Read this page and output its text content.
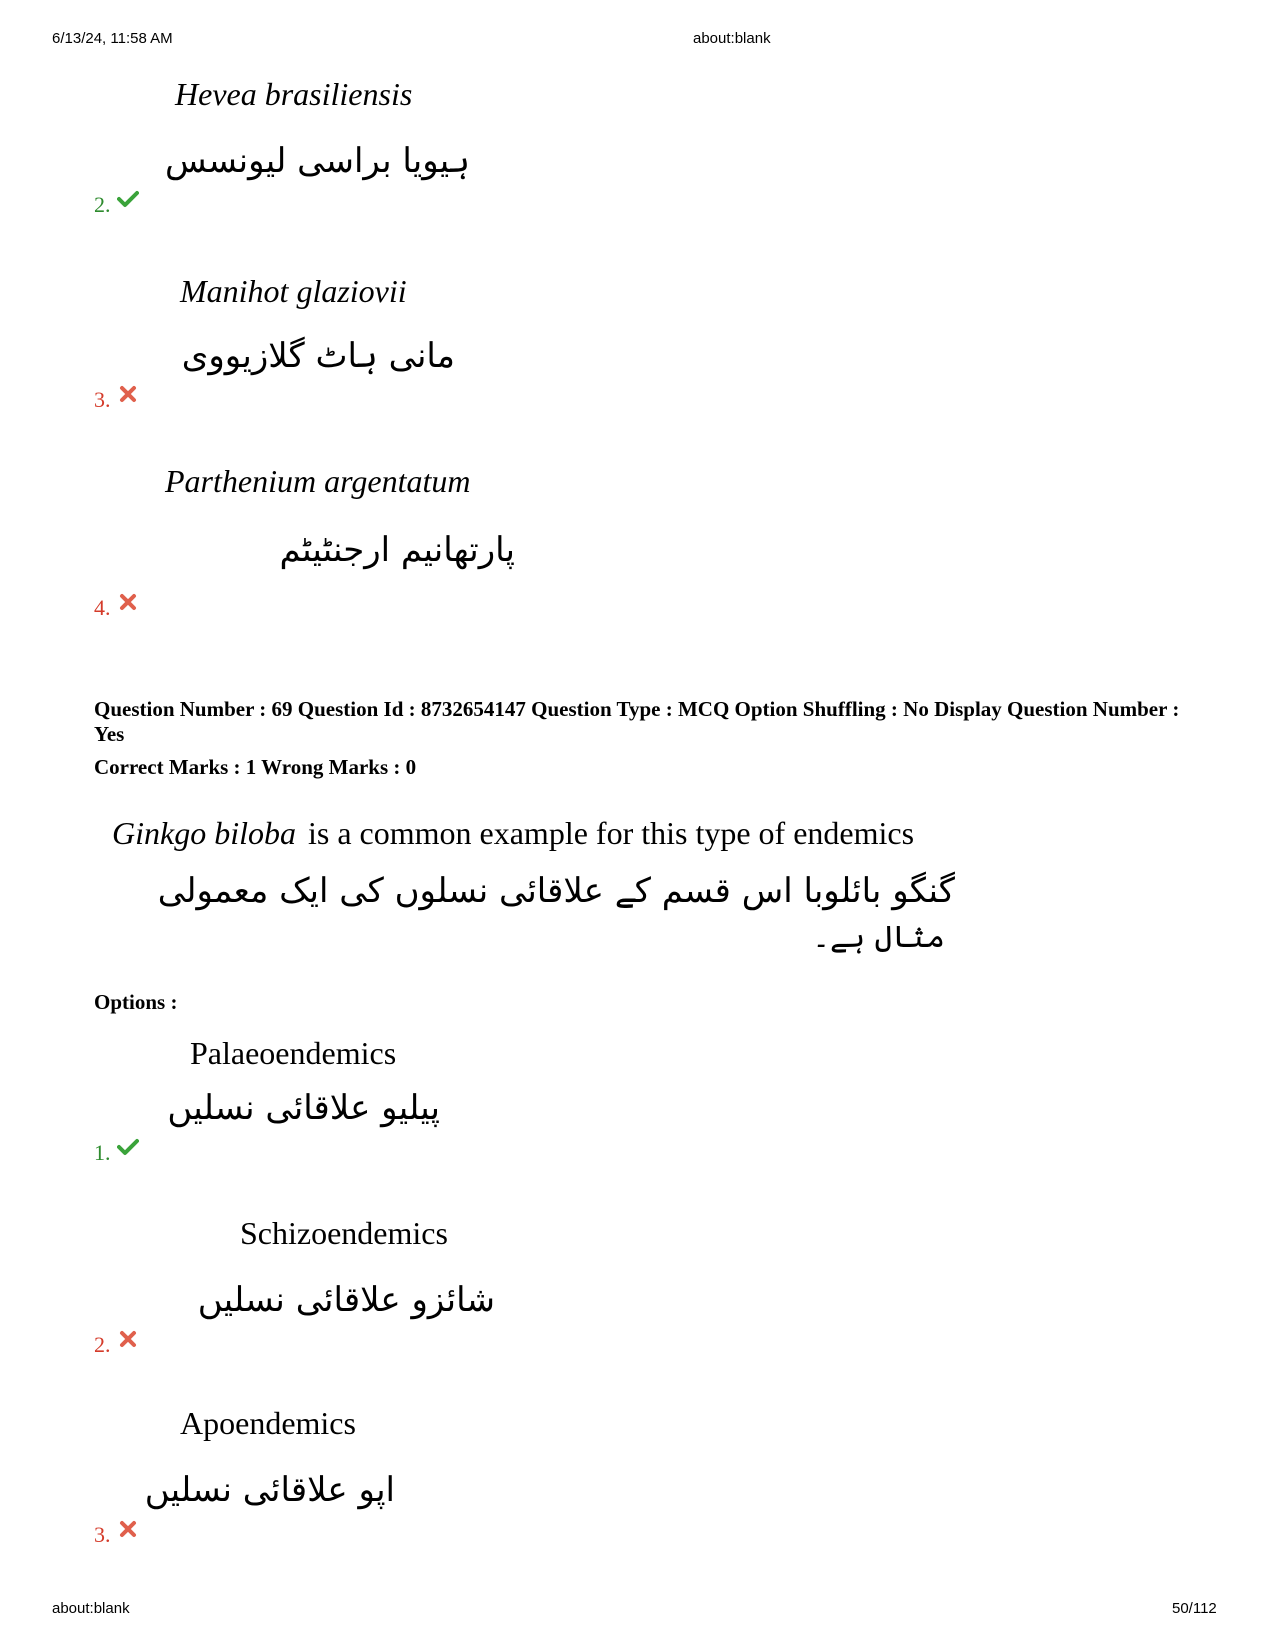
6/13/24, 11:58 AM	about:blank
Hevea brasiliensis
ہیویا براسی لیونسس
2.
Manihot glaziovii
مانی ہاٹ گلازیووی
3.
Parthenium argentatum
پارتھانیم ارجنٹیٹم
4.
Question Number : 69 Question Id : 8732654147 Question Type : MCQ Option Shuffling : No Display Question Number : Yes
Correct Marks : 1 Wrong Marks : 0
Ginkgo biloba is a common example for this type of endemics
گنگو بائلوبا اس قسم کے علاقائی نسلوں کی ایک معمولی
مثال ہے۔
Options :
Palaeoendemics
پیلیو علاقائی نسلیں
1.
Schizoendemics
شائزو علاقائی نسلیں
2.
Apoendemics
اپو علاقائی نسلیں
3.
about:blank	50/112
